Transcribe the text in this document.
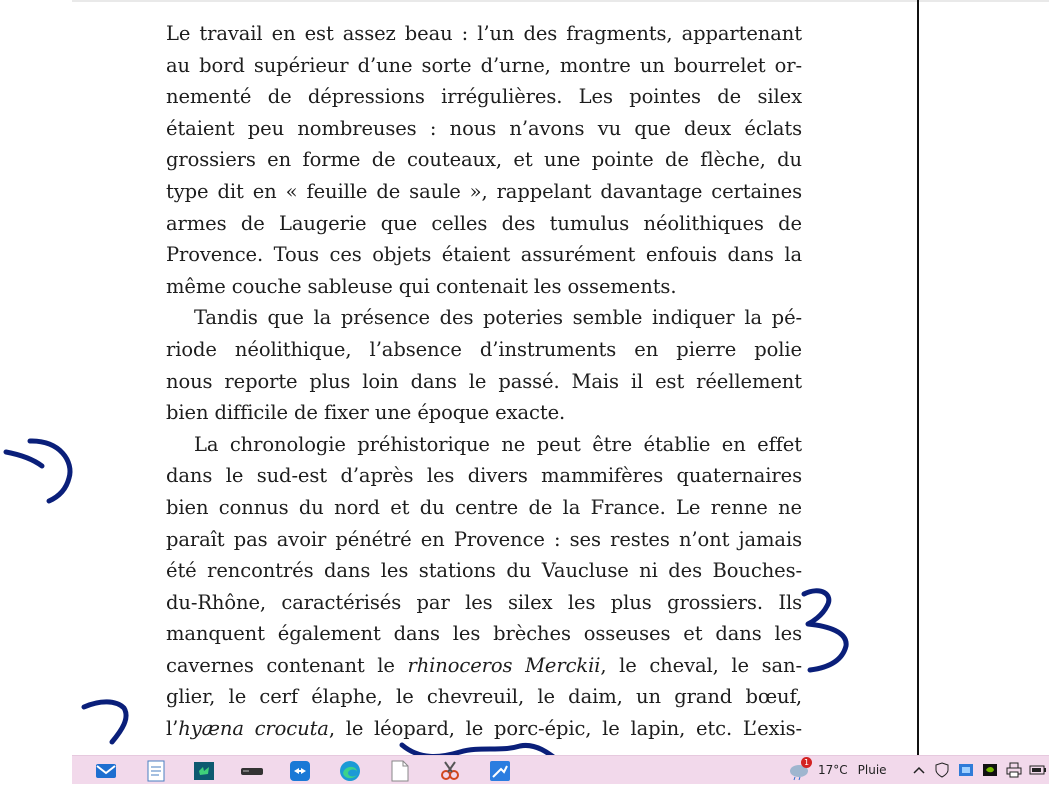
Le travail en est assez beau : l’un des fragments, appartenant
au bord supérieur d’une sorte d’urne, montre un bourrelet or-
nementé de dépressions irrégulières. Les pointes de silex
étaient peu nombreuses : nous n’avons vu que deux éclats
grossiers en forme de couteaux, et une pointe de flèche, du
type dit en « feuille de saule », rappelant davantage certaines
armes de Laugerie que celles des tumulus néolithiques de
Provence. Tous ces objets étaient assurément enfouis dans la
même couche sableuse qui contenait les ossements.
Tandis que la présence des poteries semble indiquer la pé-
riode néolithique, l’absence d’instruments en pierre polie
nous reporte plus loin dans le passé. Mais il est réellement
bien difficile de fixer une époque exacte.
La chronologie préhistorique ne peut être établie en effet
dans le sud-est d’après les divers mammifères quaternaires
bien connus du nord et du centre de la France. Le renne ne
paraît pas avoir pénétré en Provence : ses restes n’ont jamais
été rencontrés dans les stations du Vaucluse ni des Bouches-
du-Rhône, caractérisés par les silex les plus grossiers. Ils
manquent également dans les brèches osseuses et dans les
cavernes contenant le rhinoceros Merckii, le cheval, le san-
glier, le cerf élaphe, le chevreuil, le daim, un grand bœuf,
l’hyæna crocuta, le léopard, le porc-épic, le lapin, etc. L’exis-
1
17°C Pluie
